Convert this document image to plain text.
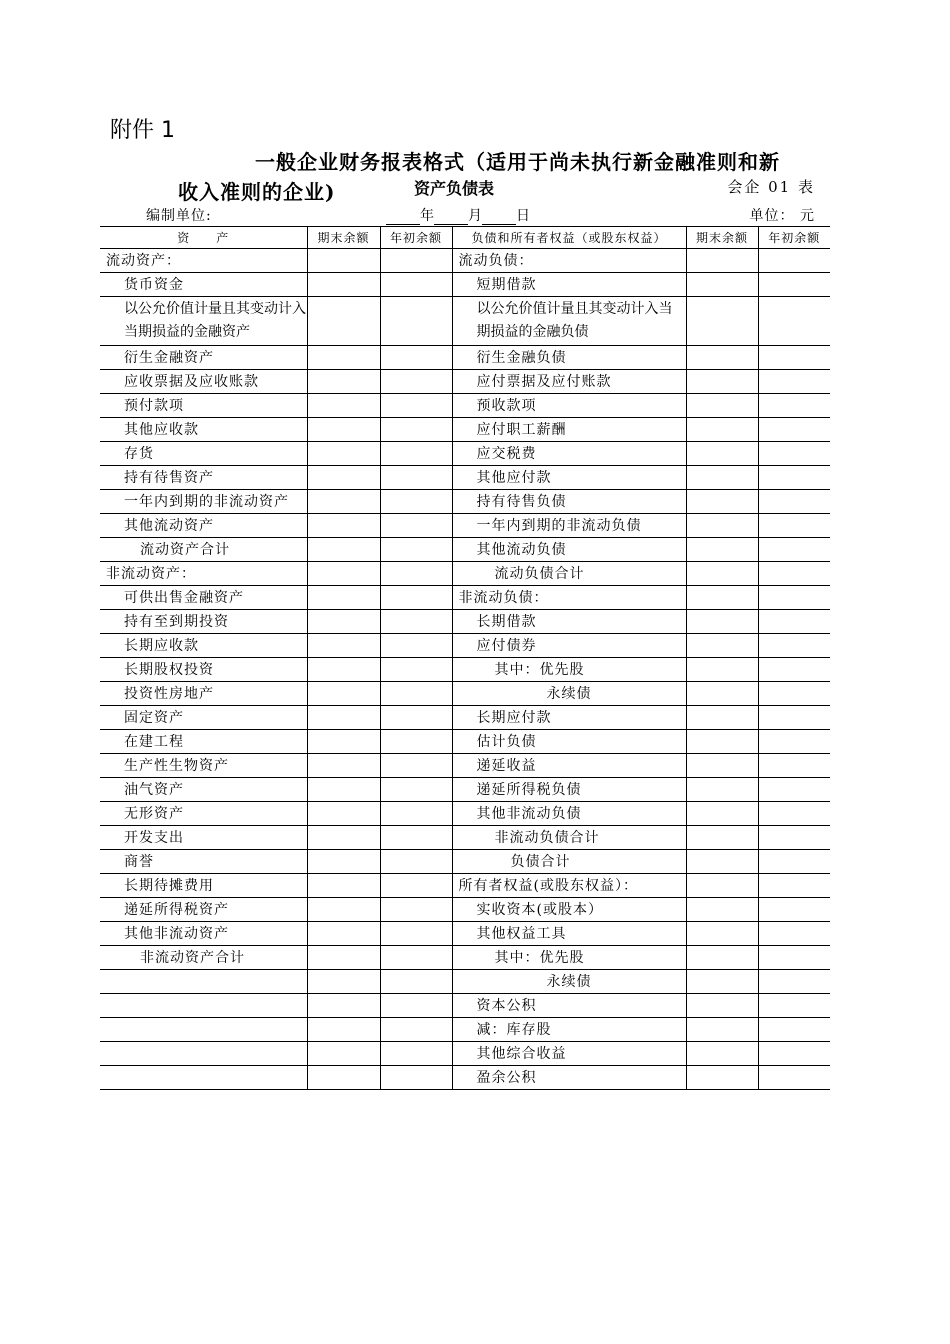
附件 1
一般企业财务报表格式（适用于尚未执行新金融准则和新
收入准则的企业)	资产负债表	会企 01 表
编制单位:	年 月 日	单位： 元
资　　产	期末余额	年初余额	负债和所有者权益（或股东权益）	期末余额	年初余额
流动资产：			流动负债：		
货币资金			短期借款		
以公允价值计量且其变动计入当期损益的金融资产			以公允价值计量且其变动计入当期损益的金融负债		
衍生金融资产			衍生金融负债		
应收票据及应收账款			应付票据及应付账款		
预付款项			预收款项		
其他应收款			应付职工薪酬		
存货			应交税费		
持有待售资产			其他应付款		
一年内到期的非流动资产			持有待售负债		
其他流动资产			一年内到期的非流动负债		
流动资产合计			其他流动负债		
非流动资产：			流动负债合计		
可供出售金融资产			非流动负债：		
持有至到期投资			长期借款		
长期应收款			应付债券		
长期股权投资			其中：优先股		
投资性房地产			永续债		
固定资产			长期应付款		
在建工程			估计负债		
生产性生物资产			递延收益		
油气资产			递延所得税负债		
无形资产			其他非流动负债		
开发支出			非流动负债合计		
商誉			负债合计		
长期待摊费用			所有者权益(或股东权益）：		
递延所得税资产			实收资本(或股本）		
其他非流动资产			其他权益工具		
非流动资产合计			其中：优先股		
			永续债		
			资本公积		
			减：库存股		
			其他综合收益		
			盈余公积		
